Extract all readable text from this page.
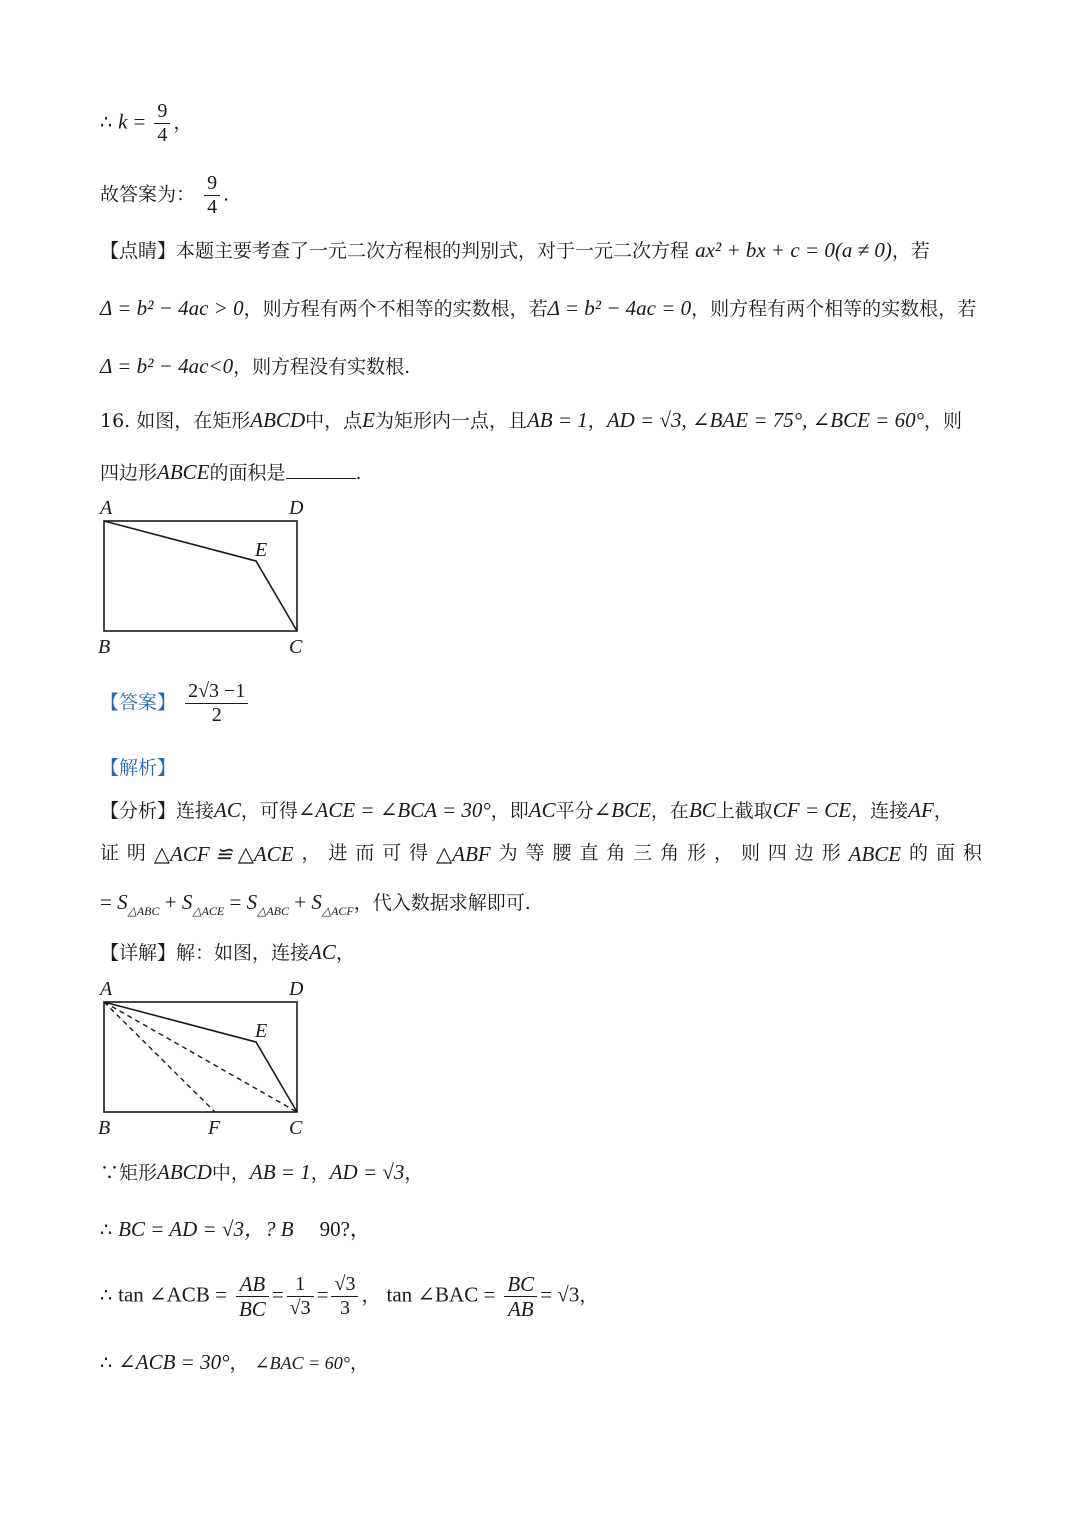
∴ $k = \frac{9}{4}$ ，
故答案为： $\frac{9}{4}$ .
【点睛】本题主要考查了一元二次方程根的判别式，对于一元二次方程 ax² + bx + c = 0(a ≠ 0)，若
Δ = b² − 4ac > 0，则方程有两个不相等的实数根，若Δ = b² − 4ac = 0，则方程有两个相等的实数根，若
Δ = b² − 4ac<0，则方程没有实数根.
16. 如图，在矩形ABCD中，点E为矩形内一点，且AB = 1，AD = √3, ∠BAE = 75°, ∠BCE = 60°，则
四边形ABCE的面积是	.
A	D
E
B	C
【答案】 $\frac{2√3 -1}{2}$
【解析】
【分析】连接AC，可得∠ACE = ∠BCA = 30°，即AC平分∠BCE，在BC上截取CF = CE，连接AF，
证 明 △ACF ≌ △ACE ， 进 而 可 得 △ABF 为 等 腰 直 角 三 角 形 ， 则 四 边 形 ABCE 的 面 积
= $S_{\triangle ABC} + S_{\triangle ACE} = S_{\triangle ABC} + S_{\triangle ACF}$，代入数据求解即可.
【详解】解：如图，连接AC，
A	D
E
B	F	C
∵矩形ABCD中，AB = 1，AD = √3，
∴ BC = AD = √3，? B 90?，
∴ tan ∠ACB = $\frac{AB}{BC} = \frac{1}{√3} = \frac{√3}{3}$ ， tan ∠BAC = $\frac{BC}{AB} = √3$，
∴ ∠ACB = 30°， ∠BAC = 60°，
